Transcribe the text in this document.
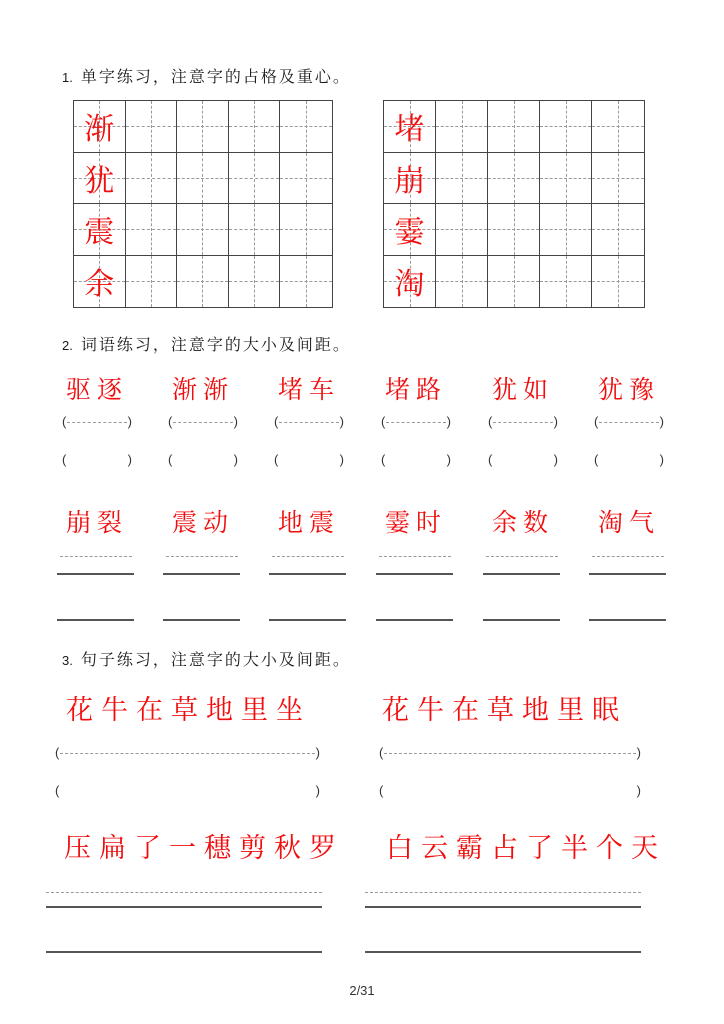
1. 单字练习，注意字的占格及重心。
渐
犹
震
余
堵
崩
霎
淘
2. 词语练习，注意字的大小及间距。
驱逐
(	)
(	)
渐渐
(	)
(	)
堵车
(	)
(	)
堵路
(	)
(	)
犹如
(	)
(	)
犹豫
(	)
(	)
崩裂 震动 地震 霎时 余数 淘气
3. 句子练习，注意字的大小及间距。
花牛在草地里坐	花牛在草地里眠
(	)
(	)
(	)
(	)
压扁了一穗剪秋罗 白云霸占了半个天
2/31
